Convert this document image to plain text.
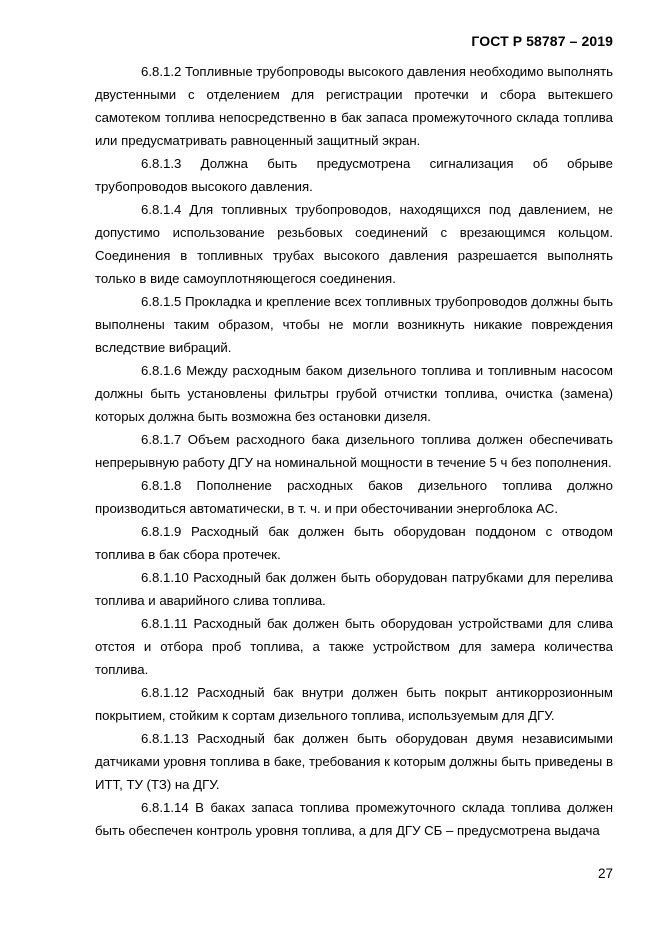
ГОСТ Р 58787 – 2019

6.8.1.2 Топливные трубопроводы высокого давления необходимо выполнять двустенными с отделением для регистрации протечки и сбора вытекшего самотеком топлива непосредственно в бак запаса промежуточного склада топлива или предусматривать равноценный защитный экран.

6.8.1.3 Должна быть предусмотрена сигнализация об обрыве трубопроводов высокого давления.

6.8.1.4 Для топливных трубопроводов, находящихся под давлением, не допустимо использование резьбовых соединений с врезающимся кольцом. Соединения в топливных трубах высокого давления разрешается выполнять только в виде самоуплотняющегося соединения.

6.8.1.5 Прокладка и крепление всех топливных трубопроводов должны быть выполнены таким образом, чтобы не могли возникнуть никакие повреждения вследствие вибраций.

6.8.1.6 Между расходным баком дизельного топлива и топливным насосом должны быть установлены фильтры грубой отчистки топлива, очистка (замена) которых должна быть возможна без остановки дизеля.

6.8.1.7 Объем расходного бака дизельного топлива должен обеспечивать непрерывную работу ДГУ на номинальной мощности в течение 5 ч без пополнения.

6.8.1.8 Пополнение расходных баков дизельного топлива должно производиться автоматически, в т. ч. и при обесточивании энергоблока АС.

6.8.1.9 Расходный бак должен быть оборудован поддоном с отводом топлива в бак сбора протечек.

6.8.1.10 Расходный бак должен быть оборудован патрубками для перелива топлива и аварийного слива топлива.

6.8.1.11 Расходный бак должен быть оборудован устройствами для слива отстоя и отбора проб топлива, а также устройством для замера количества топлива.

6.8.1.12 Расходный бак внутри должен быть покрыт антикоррозионным покрытием, стойким к сортам дизельного топлива, используемым для ДГУ.

6.8.1.13 Расходный бак должен быть оборудован двумя независимыми датчиками уровня топлива в баке, требования к которым должны быть приведены в ИТТ, ТУ (ТЗ) на ДГУ.

6.8.1.14 В баках запаса топлива промежуточного склада топлива должен быть обеспечен контроль уровня топлива, а для ДГУ СБ – предусмотрена выдача

27
